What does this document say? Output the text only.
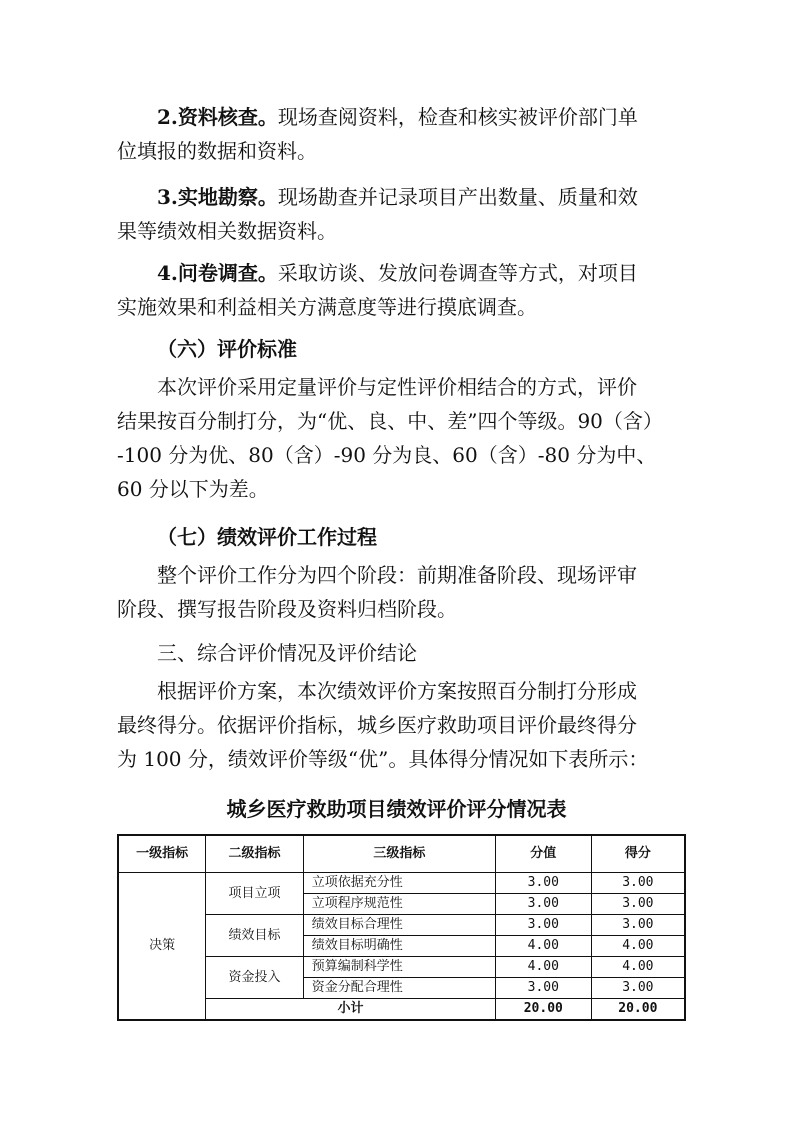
2.资料核查。现场查阅资料，检查和核实被评价部门单
位填报的数据和资料。
3.实地勘察。现场勘查并记录项目产出数量、质量和效
果等绩效相关数据资料。
4.问卷调查。采取访谈、发放问卷调查等方式，对项目
实施效果和利益相关方满意度等进行摸底调查。
（六）评价标准
本次评价采用定量评价与定性评价相结合的方式，评价
结果按百分制打分，为“优、良、中、差”四个等级。90（含）
-100 分为优、80（含）-90 分为良、60（含）-80 分为中、
60 分以下为差。
（七）绩效评价工作过程
整个评价工作分为四个阶段：前期准备阶段、现场评审
阶段、撰写报告阶段及资料归档阶段。
三、综合评价情况及评价结论
根据评价方案，本次绩效评价方案按照百分制打分形成
最终得分。依据评价指标，城乡医疗救助项目评价最终得分
为 100 分，绩效评价等级“优”。具体得分情况如下表所示：
城乡医疗救助项目绩效评价评分情况表
一级指标	二级指标	三级指标	分值	得分
决策	项目立项	立项依据充分性	3.00	3.00
		立项程序规范性	3.00	3.00
	绩效目标	绩效目标合理性	3.00	3.00
		绩效目标明确性	4.00	4.00
	资金投入	预算编制科学性	4.00	4.00
		资金分配合理性	3.00	3.00
	小计		20.00	20.00
